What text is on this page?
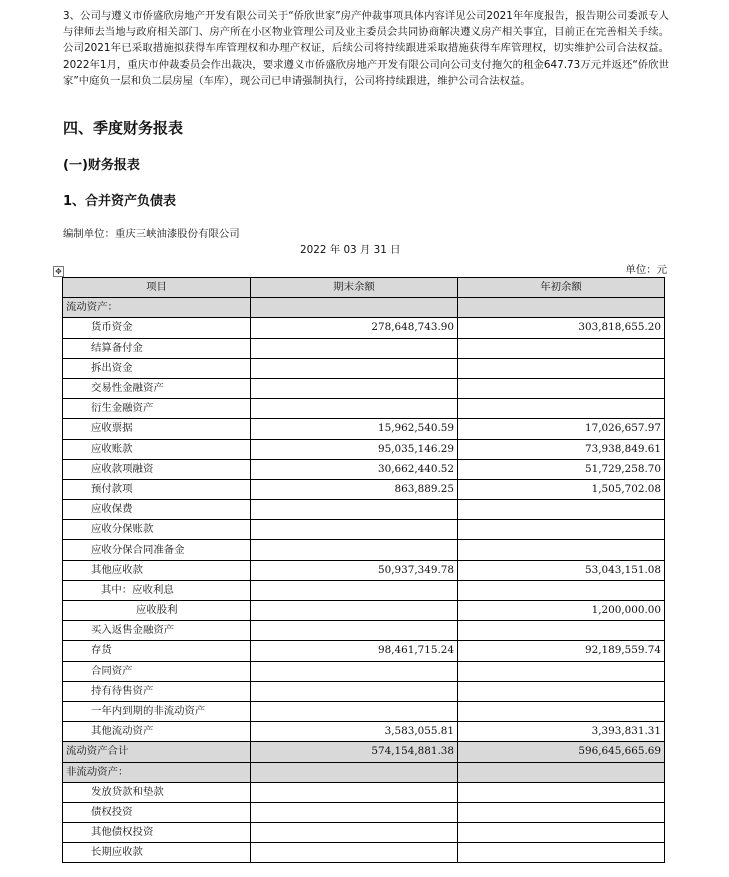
3、公司与遵义市侨盛欣房地产开发有限公司关于“侨欣世家”房产仲裁事项具体内容详见公司2021年年度报告，报告期公司委派专人与律师去当地与政府相关部门、房产所在小区物业管理公司及业主委员会共同协商解决遵义房产相关事宜，目前正在完善相关手续。公司2021年已采取措施拟获得车库管理权和办理产权证，后续公司将持续跟进采取措施获得车库管理权，切实维护公司合法权益。2022年1月，重庆市仲裁委员会作出裁决，要求遵义市侨盛欣房地产开发有限公司向公司支付拖欠的租金647.73万元并返还“侨欣世家”中庭负一层和负二层房屋（车库），现公司已申请强制执行，公司将持续跟进，维护公司合法权益。
四、季度财务报表
(一)财务报表
1、合并资产负债表
编制单位：重庆三峡油漆股份有限公司
2022 年 03 月 31 日
单位：元
✥
项目	期末余额	年初余额
流动资产：		
货币资金	278,648,743.90	303,818,655.20
结算备付金		
拆出资金		
交易性金融资产		
衍生金融资产		
应收票据	15,962,540.59	17,026,657.97
应收账款	95,035,146.29	73,938,849.61
应收款项融资	30,662,440.52	51,729,258.70
预付款项	863,889.25	1,505,702.08
应收保费		
应收分保账款		
应收分保合同准备金		
其他应收款	50,937,349.78	53,043,151.08
其中：应收利息		
应收股利		1,200,000.00
买入返售金融资产		
存货	98,461,715.24	92,189,559.74
合同资产		
持有待售资产		
一年内到期的非流动资产		
其他流动资产	3,583,055.81	3,393,831.31
流动资产合计	574,154,881.38	596,645,665.69
非流动资产：		
发放贷款和垫款		
债权投资		
其他债权投资		
长期应收款		
